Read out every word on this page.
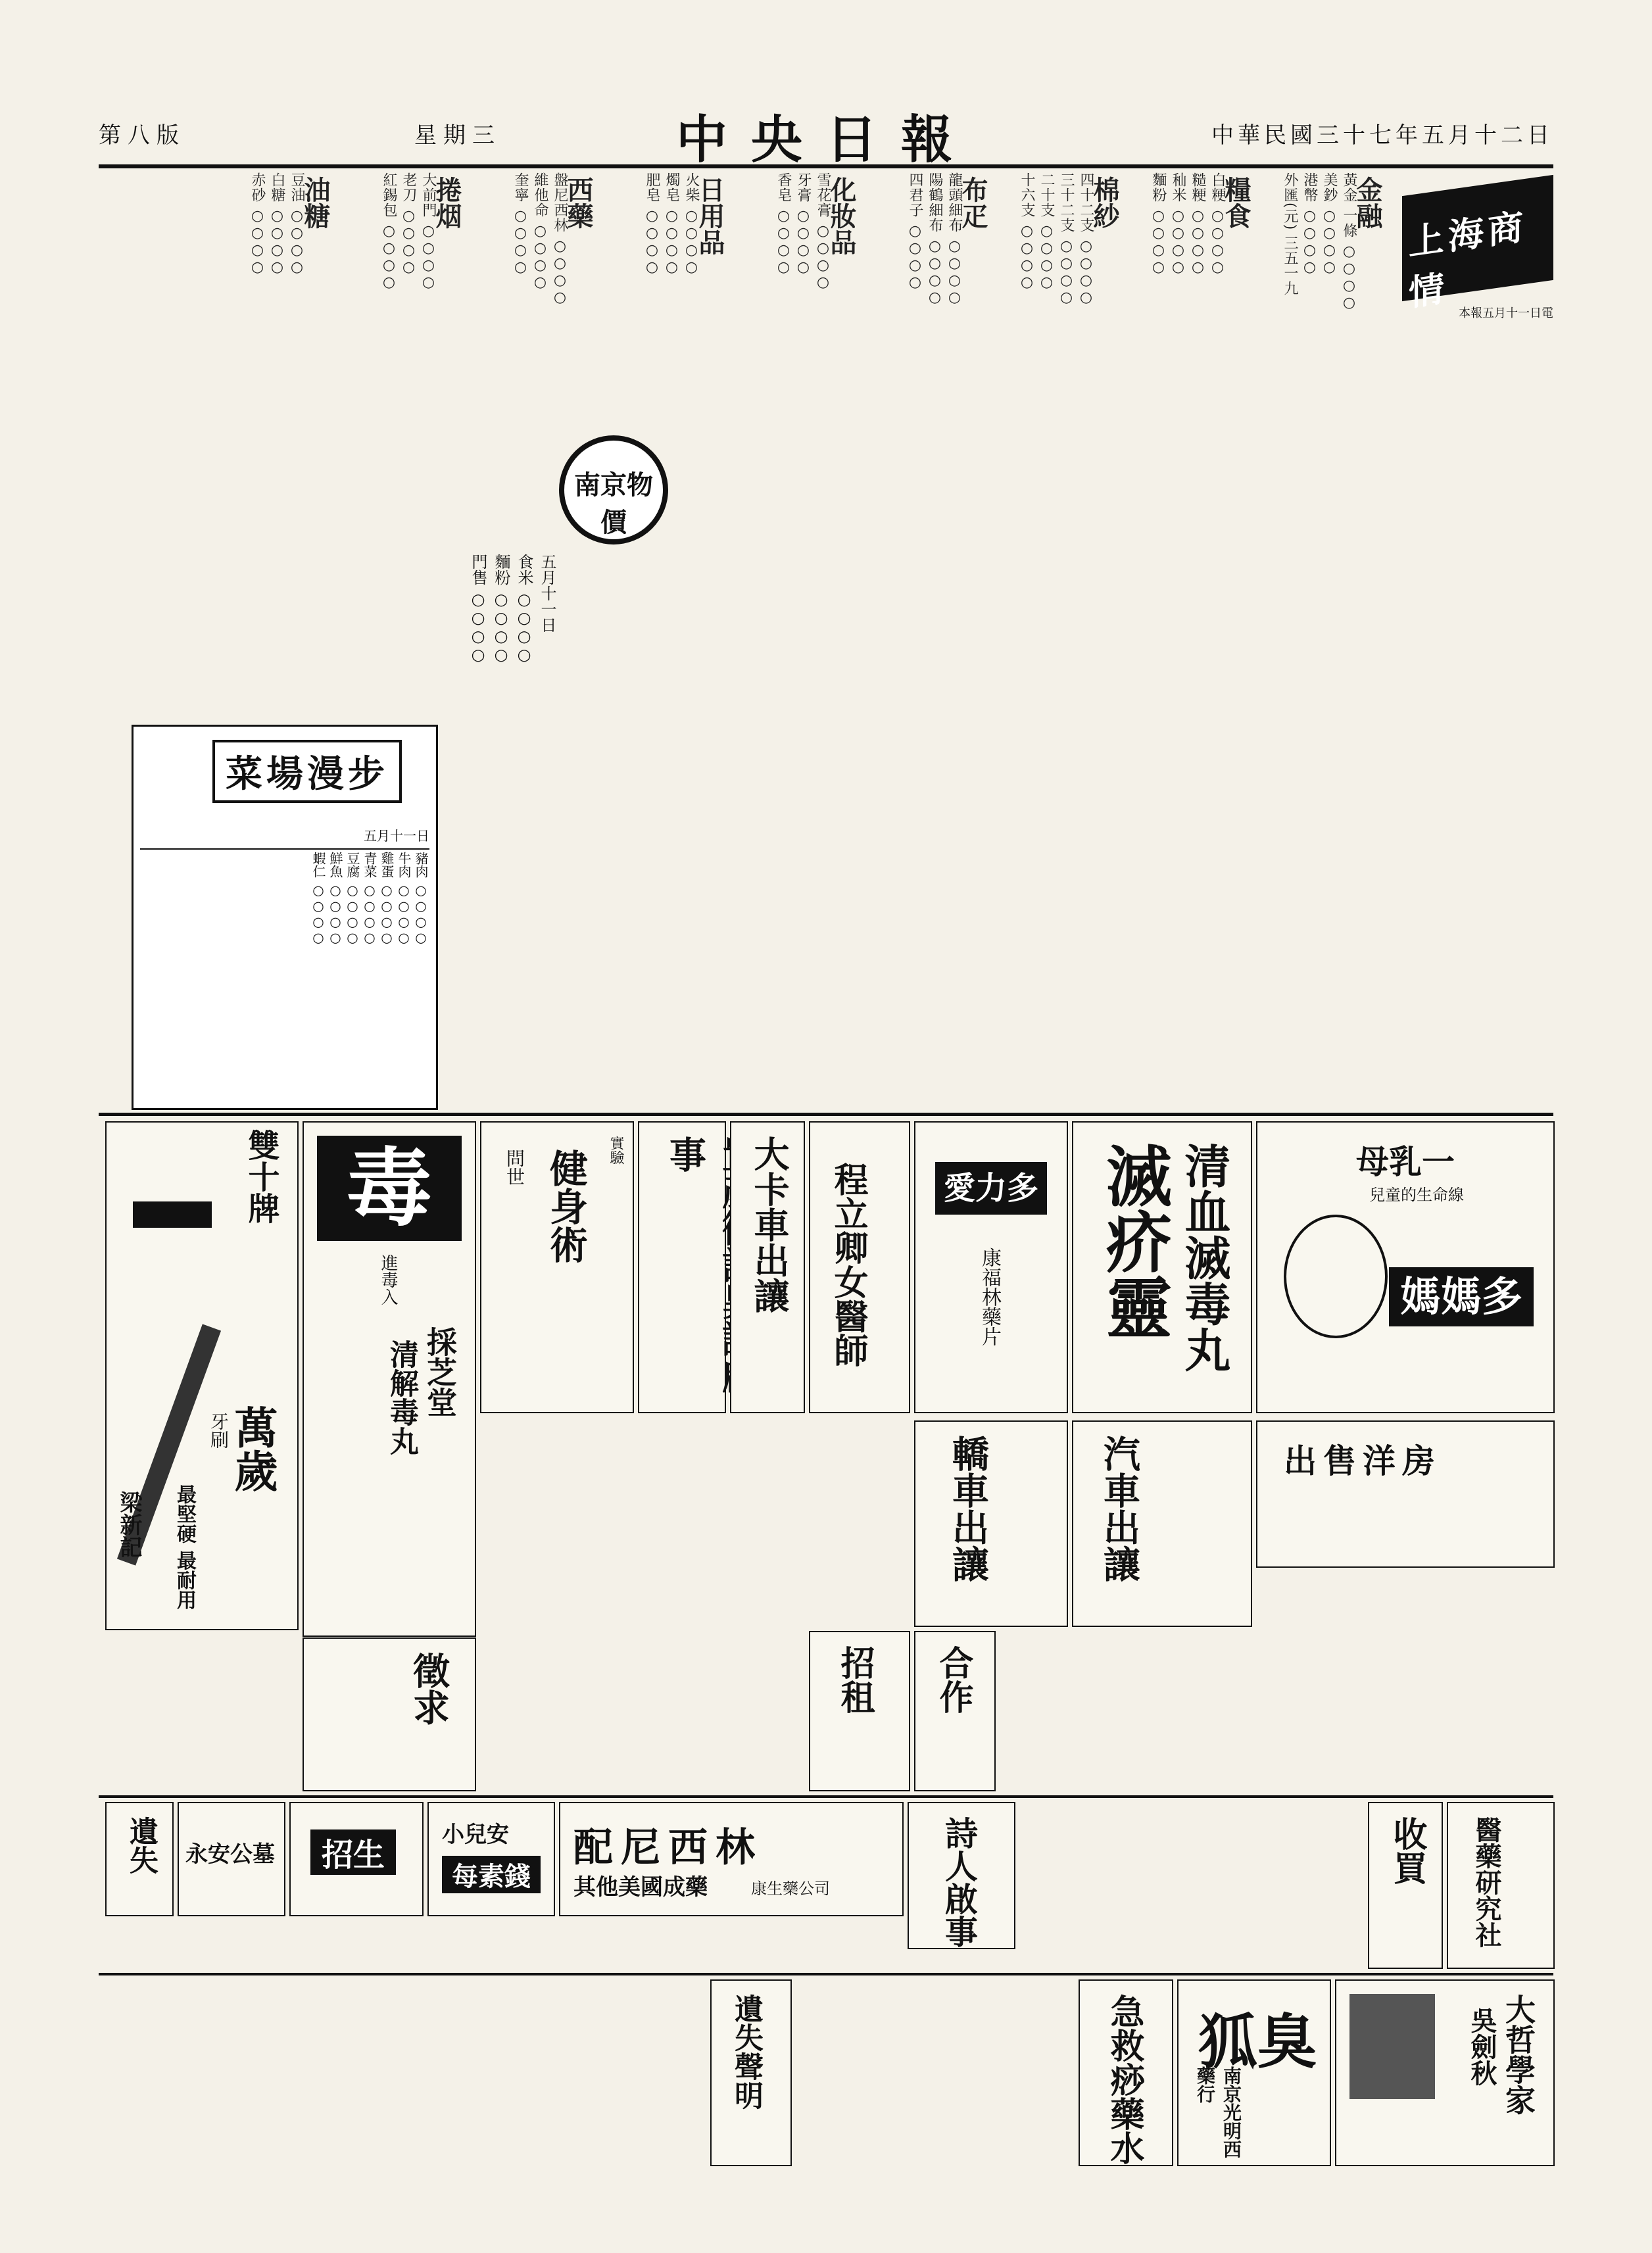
第八版	星期三	中央日報	中華民國三十七年五月十二日
上海商情 本報五月十一日電
金融
黃金 一條 ○○○○
美鈔 ○○○○
港幣 ○○○○
外匯(元) 三五一九
糧食
白粳 ○○○○
糙粳 ○○○○
秈米 ○○○○
麵粉 ○○○○
棉紗
四十二支 ○○○○
三十二支 ○○○○
二十支 ○○○○
十六支 ○○○○
布疋
龍頭細布 ○○○○
陽鶴細布 ○○○○
四君子 ○○○○
化妝品
雪花膏 ○○○○
牙膏 ○○○○
香皂 ○○○○
日用品
火柴 ○○○○
燭皂 ○○○○
肥皂 ○○○○
西藥
盤尼西林 ○○○○
維他命 ○○○○
奎寧 ○○○○
捲烟
大前門 ○○○○
老刀 ○○○○
紅錫包 ○○○○
油糖
豆油 ○○○○
白糖 ○○○○
赤砂 ○○○○
南京物價
五月十一日
食米 ○○○○
麵粉 ○○○○
門售 ○○○○
菜場漫步
五月十一日
豬肉 ○○○○
牛肉 ○○○○
雞蛋 ○○○○
青菜 ○○○○
豆腐 ○○○○
鮮魚 ○○○○
蝦仁 ○○○○
雙十牌
萬歲
牙刷
最堅硬 最耐用
梁新記
毒
進毒入
採芝堂
清解毒丸
健身術
問世	實驗 事	大卡車出讓 程立卿女醫師 愛力多
康福林藥片 滅疥靈 清血滅毒丸	母乳一
兒童的生命線
媽媽多
出售洋房
汽車出讓
轎車出讓
招租 合作
徵求
配尼西林
其他美國成藥	康生藥公司
小兒安
每素錢
招生
永安公墓
遺失	詩人啟事	收買 醫藥研究社
大哲學家
吳劍秋
狐臭
南京光明西藥行
急救痧藥水
遺失聲明
